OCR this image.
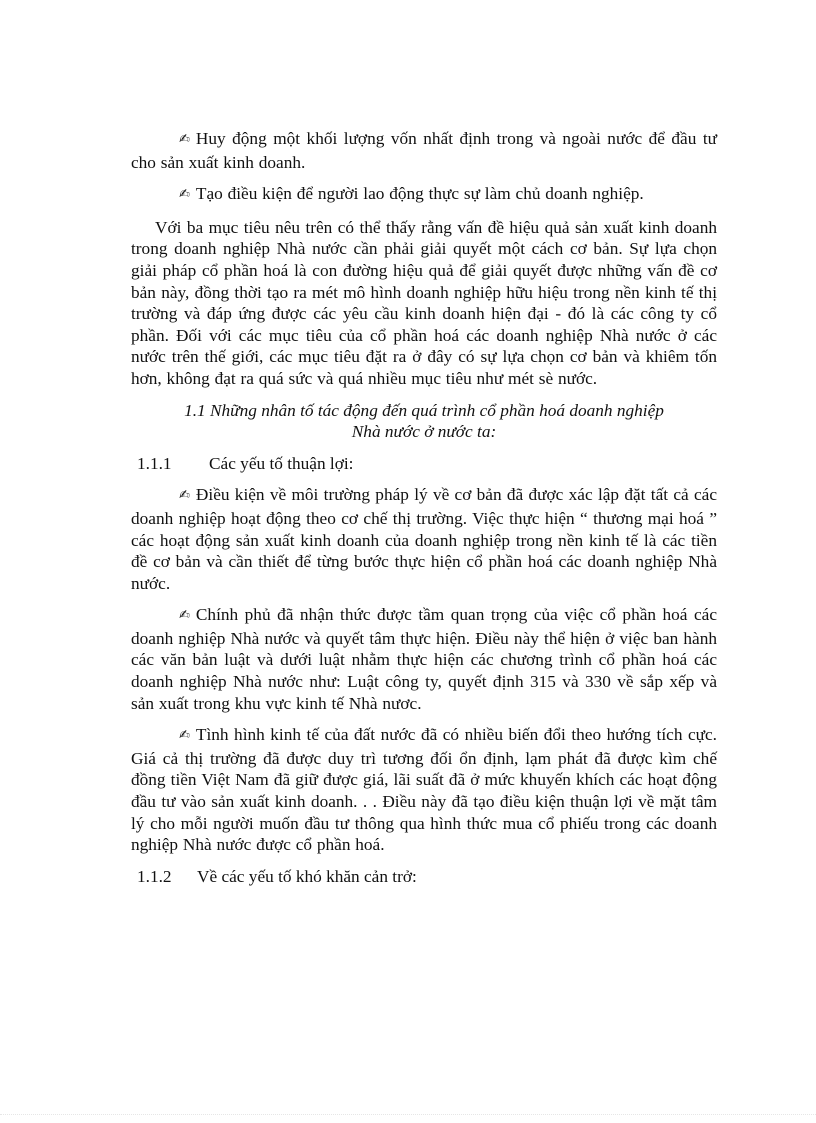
✍ Huy động một khối lượng vốn nhất định trong và ngoài nước để đầu tư cho sản xuất kinh doanh.

✍ Tạo điều kiện để người lao động thực sự làm chủ doanh nghiệp.

Với ba mục tiêu nêu trên có thể thấy rằng vấn đề hiệu quả sản xuất kinh doanh trong doanh nghiệp Nhà nước cần phải giải quyết một cách cơ bản. Sự lựa chọn giải pháp cổ phần hoá là con đường hiệu quả để giải quyết được những vấn đề cơ bản này, đồng thời tạo ra mét mô hình doanh nghiệp hữu hiệu trong nền kinh tế thị trường và đáp ứng được các yêu cầu kinh doanh hiện đại - đó là các công ty cổ phần. Đối với các mục tiêu của cổ phần hoá các doanh nghiệp Nhà nước ở các nước trên thế giới, các mục tiêu đặt ra ở đây có sự lựa chọn cơ bản và khiêm tốn hơn, không đạt ra quá sức và quá nhiều mục tiêu như mét sè nước.

1.1 Những nhân tố tác động đến quá trình cổ phần hoá doanh nghiệp
Nhà nước ở nước ta:
1.1.1 Các yếu tố thuận lợi:

✍ Điều kiện về môi trường pháp lý về cơ bản đã được xác lập đặt tất cả các doanh nghiệp hoạt động theo cơ chế thị trường. Việc thực hiện “ thương mại hoá ” các hoạt động sản xuất kinh doanh của doanh nghiệp trong nền kinh tế là các tiền đề cơ bản và cần thiết để từng bước thực hiện cổ phần hoá các doanh nghiệp Nhà nước.

✍ Chính phủ đã nhận thức được tầm quan trọng của việc cổ phần hoá các doanh nghiệp Nhà nước và quyết tâm thực hiện. Điều này thể hiện ở việc ban hành các văn bản luật và dưới luật nhằm thực hiện các chương trình cổ phần hoá các doanh nghiệp Nhà nước như: Luật công ty, quyết định 315 và 330 về sắp xếp và sản xuất trong khu vực kinh tế Nhà nươc.

✍ Tình hình kinh tế của đất nước đã có nhiều biến đổi theo hướng tích cực. Giá cả thị trường đã được duy trì tương đối ổn định, lạm phát đã được kìm chế đồng tiền Việt Nam đã giữ được giá, lãi suất đã ở mức khuyến khích các hoạt động đầu tư vào sản xuất kinh doanh. . . Điều này đã tạo điều kiện thuận lợi về mặt tâm lý cho mỗi người muốn đầu tư thông qua hình thức mua cổ phiếu trong các doanh nghiệp Nhà nước được cổ phần hoá.

1.1.2 Về các yếu tố khó khăn cản trở:
